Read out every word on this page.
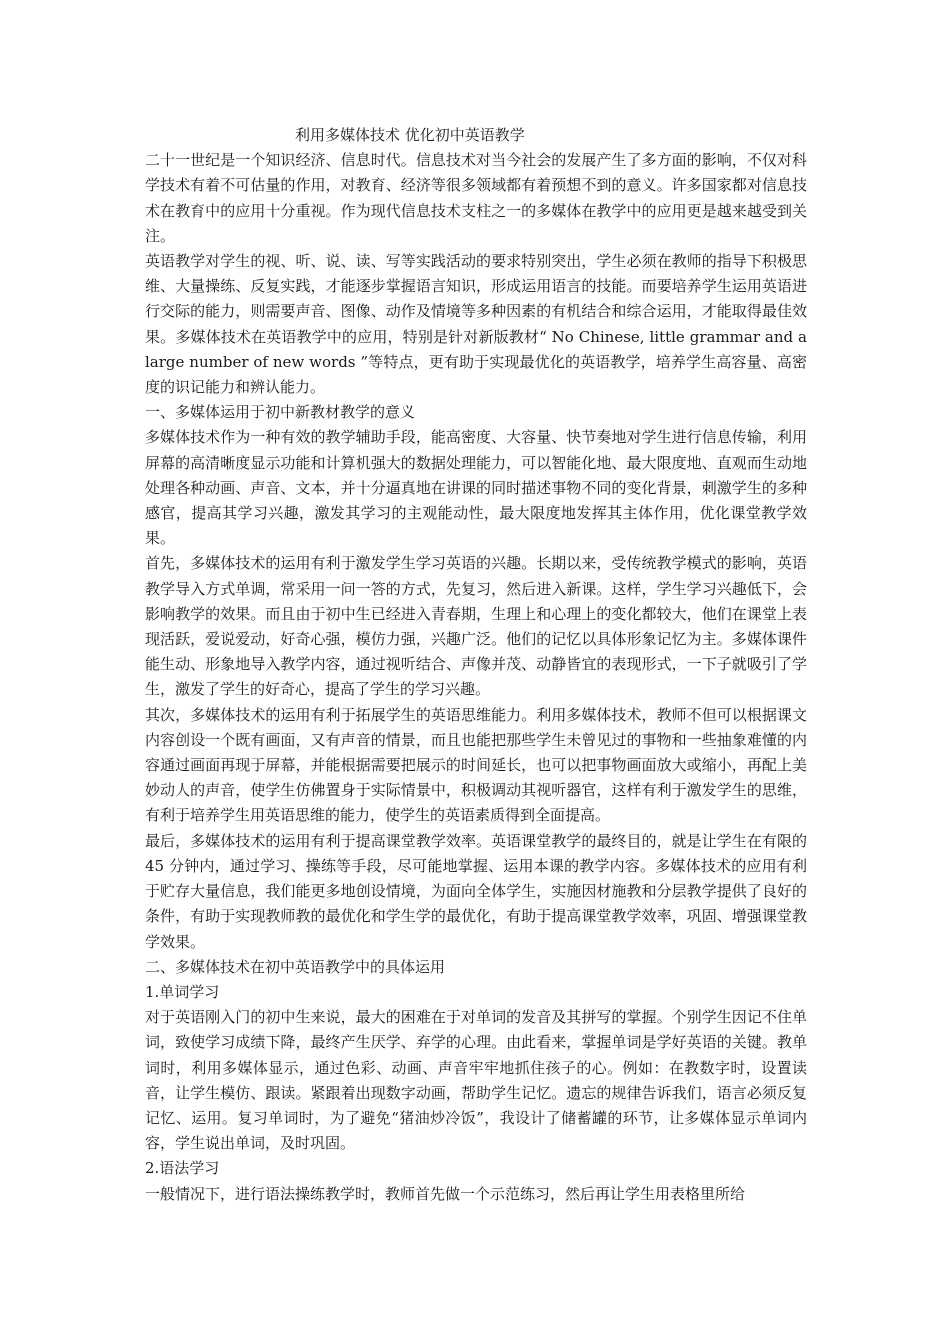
利用多媒体技术 优化初中英语教学

二十一世纪是一个知识经济、信息时代。信息技术对当今社会的发展产生了多方面的影响，不仅对科学技术有着不可估量的作用，对教育、经济等很多领域都有着预想不到的意义。许多国家都对信息技术在教育中的应用十分重视。作为现代信息技术支柱之一的多媒体在教学中的应用更是越来越受到关注。

英语教学对学生的视、听、说、读、写等实践活动的要求特别突出，学生必须在教师的指导下积极思维、大量操练、反复实践，才能逐步掌握语言知识，形成运用语言的技能。而要培养学生运用英语进行交际的能力，则需要声音、图像、动作及情境等多种因素的有机结合和综合运用，才能取得最佳效果。多媒体技术在英语教学中的应用，特别是针对新版教材“ No Chinese, little grammar and a large number of new words ”等特点，更有助于实现最优化的英语教学，培养学生高容量、高密度的识记能力和辨认能力。

一、多媒体运用于初中新教材教学的意义

多媒体技术作为一种有效的教学辅助手段，能高密度、大容量、快节奏地对学生进行信息传输，利用屏幕的高清晰度显示功能和计算机强大的数据处理能力，可以智能化地、最大限度地、直观而生动地处理各种动画、声音、文本，并十分逼真地在讲课的同时描述事物不同的变化背景，刺激学生的多种感官，提高其学习兴趣，激发其学习的主观能动性，最大限度地发挥其主体作用，优化课堂教学效果。

首先，多媒体技术的运用有利于激发学生学习英语的兴趣。长期以来，受传统教学模式的影响，英语教学导入方式单调，常采用一问一答的方式，先复习，然后进入新课。这样，学生学习兴趣低下，会影响教学的效果。而且由于初中生已经进入青春期，生理上和心理上的变化都较大，他们在课堂上表现活跃，爱说爱动，好奇心强，模仿力强，兴趣广泛。他们的记忆以具体形象记忆为主。多媒体课件能生动、形象地导入教学内容，通过视听结合、声像并茂、动静皆宜的表现形式，一下子就吸引了学生，激发了学生的好奇心，提高了学生的学习兴趣。

其次，多媒体技术的运用有利于拓展学生的英语思维能力。利用多媒体技术，教师不但可以根据课文内容创设一个既有画面，又有声音的情景，而且也能把那些学生未曾见过的事物和一些抽象难懂的内容通过画面再现于屏幕，并能根据需要把展示的时间延长，也可以把事物画面放大或缩小，再配上美妙动人的声音，使学生仿佛置身于实际情景中，积极调动其视听器官，这样有利于激发学生的思维，有利于培养学生用英语思维的能力，使学生的英语素质得到全面提高。

最后，多媒体技术的运用有利于提高课堂教学效率。英语课堂教学的最终目的，就是让学生在有限的 45 分钟内，通过学习、操练等手段，尽可能地掌握、运用本课的教学内容。多媒体技术的应用有利于贮存大量信息，我们能更多地创设情境，为面向全体学生，实施因材施教和分层教学提供了良好的条件，有助于实现教师教的最优化和学生学的最优化，有助于提高课堂教学效率，巩固、增强课堂教学效果。

二、多媒体技术在初中英语教学中的具体运用

1.单词学习

对于英语刚入门的初中生来说，最大的困难在于对单词的发音及其拼写的掌握。个别学生因记不住单词，致使学习成绩下降，最终产生厌学、弃学的心理。由此看来，掌握单词是学好英语的关键。教单词时，利用多媒体显示，通过色彩、动画、声音牢牢地抓住孩子的心。例如：在教数字时，设置读音，让学生模仿、跟读。紧跟着出现数字动画，帮助学生记忆。遗忘的规律告诉我们，语言必须反复记忆、运用。复习单词时，为了避免“猪油炒冷饭”，我设计了储蓄罐的环节，让多媒体显示单词内容，学生说出单词，及时巩固。

2.语法学习

一般情况下，进行语法操练教学时，教师首先做一个示范练习，然后再让学生用表格里所给
